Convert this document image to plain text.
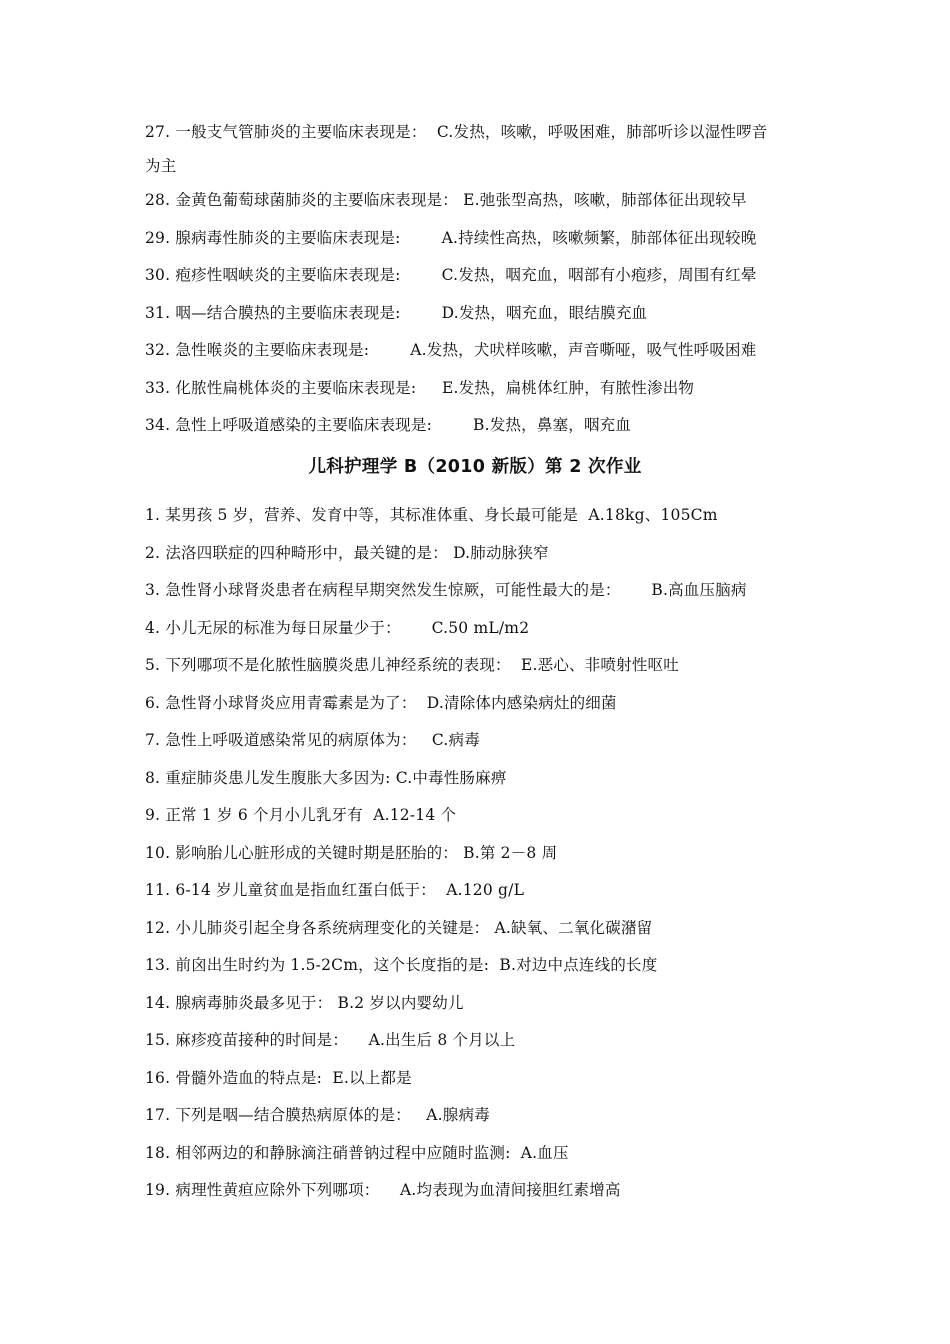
27. 一般支气管肺炎的主要临床表现是： C.发热，咳嗽，呼吸困难，肺部听诊以湿性啰音
为主
28. 金黄色葡萄球菌肺炎的主要临床表现是： E.弛张型高热，咳嗽，肺部体征出现较早
29. 腺病毒性肺炎的主要临床表现是:	A.持续性高热，咳嗽频繁，肺部体征出现较晚
30. 疱疹性咽峡炎的主要临床表现是:	C.发热，咽充血，咽部有小疱疹，周围有红晕
31. 咽—结合膜热的主要临床表现是:	D.发热，咽充血，眼结膜充血
32. 急性喉炎的主要临床表现是:	A.发热，犬吠样咳嗽，声音嘶哑，吸气性呼吸困难
33. 化脓性扁桃体炎的主要临床表现是: E.发热，扁桃体红肿，有脓性渗出物
34. 急性上呼吸道感染的主要临床表现是:	B.发热，鼻塞，咽充血
儿科护理学 B（2010 新版）第 2 次作业
1. 某男孩 5 岁，营养、发育中等，其标准体重、身长最可能是 A.18kg、105Cm
2. 法洛四联症的四种畸形中，最关键的是： D.肺动脉狭窄
3. 急性肾小球肾炎患者在病程早期突然发生惊厥，可能性最大的是： B.高血压脑病
4. 小儿无尿的标准为每日尿量少于： C.50 mL/m2
5. 下列哪项不是化脓性脑膜炎患儿神经系统的表现： E.恶心、非喷射性呕吐
6. 急性肾小球肾炎应用青霉素是为了： D.清除体内感染病灶的细菌
7. 急性上呼吸道感染常见的病原体为： C.病毒
8. 重症肺炎患儿发生腹胀大多因为: C.中毒性肠麻痹
9. 正常 1 岁 6 个月小儿乳牙有 A.12-14 个
10. 影响胎儿心脏形成的关键时期是胚胎的： B.第 2－8 周
11. 6-14 岁儿童贫血是指血红蛋白低于： A.120 g/L
12. 小儿肺炎引起全身各系统病理变化的关键是： A.缺氧、二氧化碳潴留
13. 前囟出生时约为 1.5-2Cm，这个长度指的是: B.对边中点连线的长度
14. 腺病毒肺炎最多见于： B.2 岁以内婴幼儿
15. 麻疹疫苗接种的时间是： A.出生后 8 个月以上
16. 骨髓外造血的特点是: E.以上都是
17. 下列是咽—结合膜热病原体的是： A.腺病毒
18. 相邻两边的和静脉滴注硝普钠过程中应随时监测: A.血压
19. 病理性黄疸应除外下列哪项： A.均表现为血清间接胆红素增高
